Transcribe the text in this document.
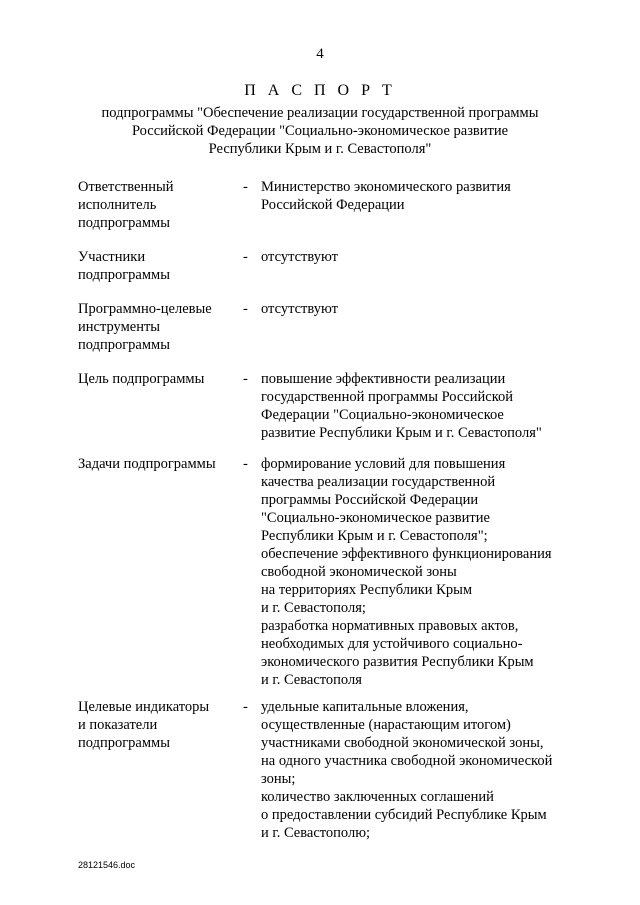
4
П А С П О Р Т
подпрограммы "Обеспечение реализации государственной программы
Российской Федерации "Социально-экономическое развитие
Республики Крым и г. Севастополя"
Ответственный
исполнитель
подпрограммы
- Министерство экономического развития
Российской Федерации
Участники
подпрограммы
- отсутствуют
Программно-целевые
инструменты
подпрограммы
- отсутствуют
Цель подпрограммы	- повышение эффективности реализации
государственной программы Российской
Федерации "Социально-экономическое
развитие Республики Крым и г. Севастополя"
Задачи подпрограммы	- формирование условий для повышения
качества реализации государственной
программы Российской Федерации
"Социально-экономическое развитие
Республики Крым и г. Севастополя";
обеспечение эффективного функционирования
свободной экономической зоны
на территориях Республики Крым
и г. Севастополя;
разработка нормативных правовых актов,
необходимых для устойчивого социально-
экономического развития Республики Крым
и г. Севастополя
Целевые индикаторы
и показатели
подпрограммы
- удельные капитальные вложения,
осуществленные (нарастающим итогом)
участниками свободной экономической зоны,
на одного участника свободной экономической
зоны;
количество заключенных соглашений
о предоставлении субсидий Республике Крым
и г. Севастополю;
28121546.doc
